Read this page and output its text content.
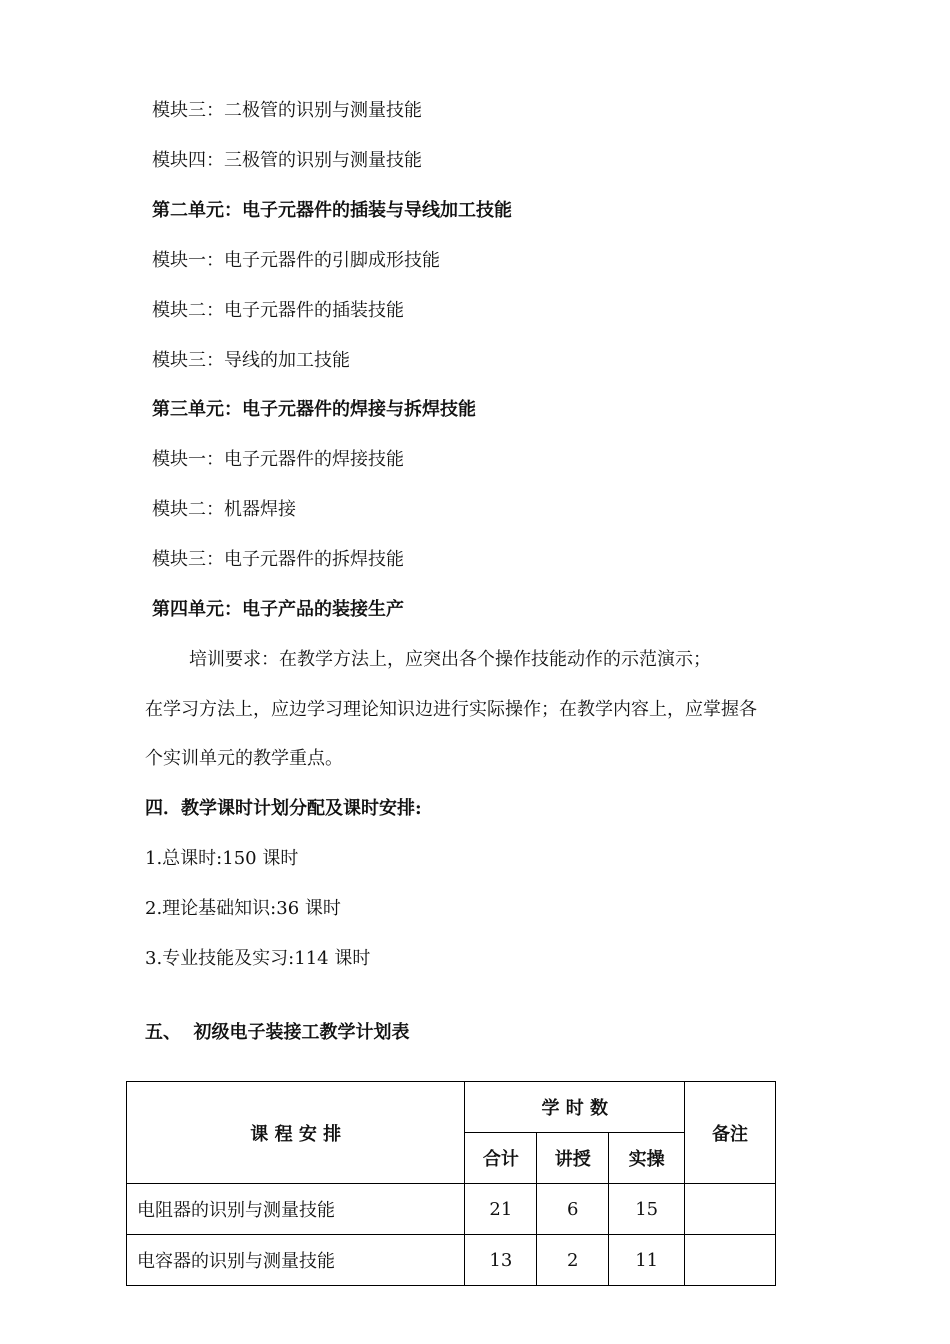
模块三：二极管的识别与测量技能
模块四：三极管的识别与测量技能
第二单元：电子元器件的插装与导线加工技能
模块一：电子元器件的引脚成形技能
模块二：电子元器件的插装技能
模块三：导线的加工技能
第三单元：电子元器件的焊接与拆焊技能
模块一：电子元器件的焊接技能
模块二：机器焊接
模块三：电子元器件的拆焊技能
第四单元：电子产品的装接生产
培训要求：在教学方法上，应突出各个操作技能动作的示范演示；
在学习方法上，应边学习理论知识边进行实际操作；在教学内容上，应掌握各
个实训单元的教学重点。
四．教学课时计划分配及课时安排:
1.总课时:150 课时
2.理论基础知识:36 课时
3.专业技能及实习:114 课时
五、  初级电子装接工教学计划表
课 程 安 排	学 时 数			备注
	合计	讲授	实操	
电阻器的识别与测量技能	21	6	15	
电容器的识别与测量技能	13	2	11	
